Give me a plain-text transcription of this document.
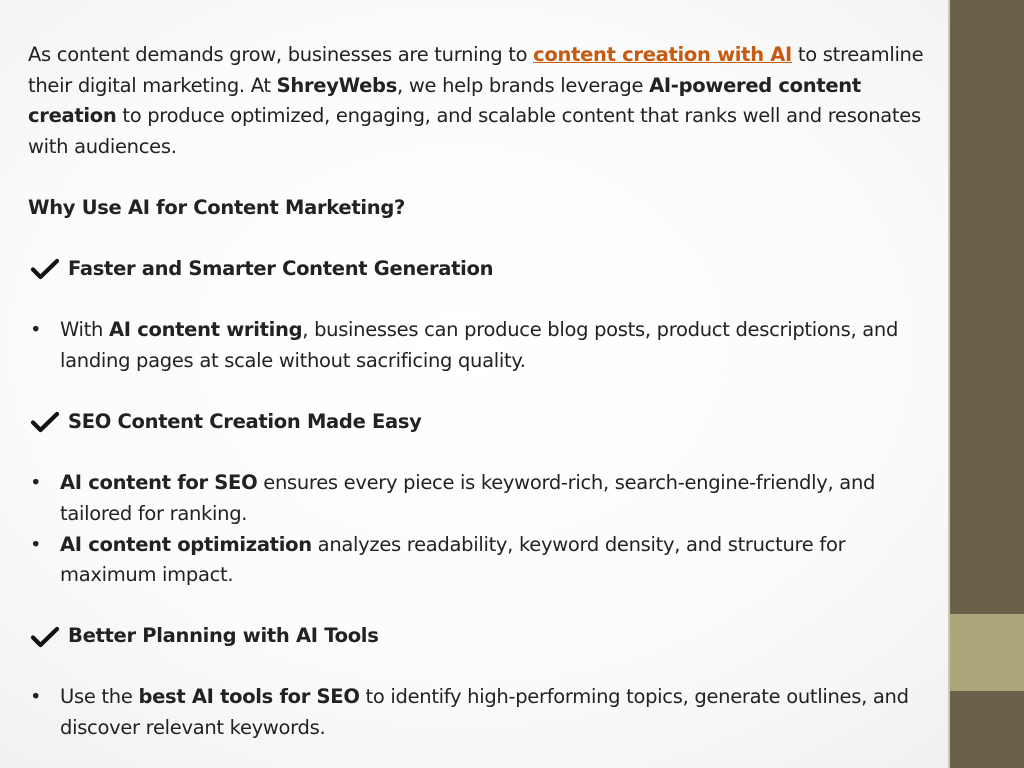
As content demands grow, businesses are turning to content creation with AI to streamline their digital marketing. At ShreyWebs, we help brands leverage AI-powered content creation to produce optimized, engaging, and scalable content that ranks well and resonates with audiences.

Why Use AI for Content Marketing?

Faster and Smarter Content Generation
• With AI content writing, businesses can produce blog posts, product descriptions, and landing pages at scale without sacrificing quality.
SEO Content Creation Made Easy
• AI content for SEO ensures every piece is keyword-rich, search-engine-friendly, and tailored for ranking.
• AI content optimization analyzes readability, keyword density, and structure for maximum impact.
Better Planning with AI Tools
• Use the best AI tools for SEO to identify high-performing topics, generate outlines, and discover relevant keywords.
